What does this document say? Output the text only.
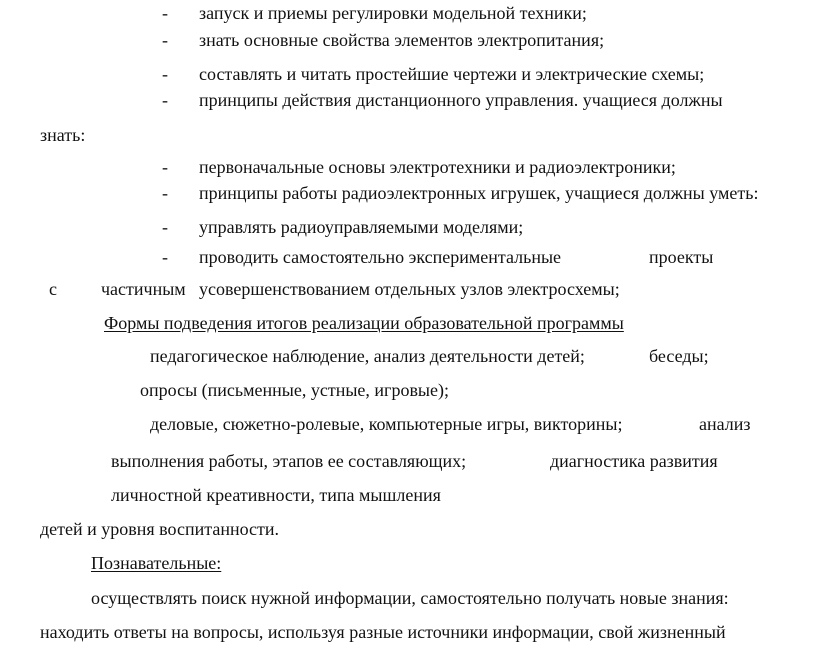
- запуск и приемы регулировки модельной техники;
- знать основные свойства элементов электропитания;
- составлять и читать простейшие чертежи и электрические схемы;
- принципы действия дистанционного управления. учащиеся должны
знать:
- первоначальные основы электротехники и радиоэлектроники;
- принципы работы радиоэлектронных игрушек, учащиеся должны уметь:
- управлять радиоуправляемыми моделями;
- проводить самостоятельно экспериментальные	проекты
с частичным усовершенствованием отдельных узлов электросхемы;
Формы подведения итогов реализации образовательной программы
педагогическое наблюдение, анализ деятельности детей;	беседы;
опросы (письменные, устные, игровые);
деловые, сюжетно-ролевые, компьютерные игры, викторины;	анализ
выполнения работы, этапов ее составляющих;	диагностика развития
личностной креативности, типа мышления
детей и уровня воспитанности.
Познавательные:
осуществлять поиск нужной информации, самостоятельно получать новые знания:
находить ответы на вопросы, используя разные источники информации, свой жизненный
